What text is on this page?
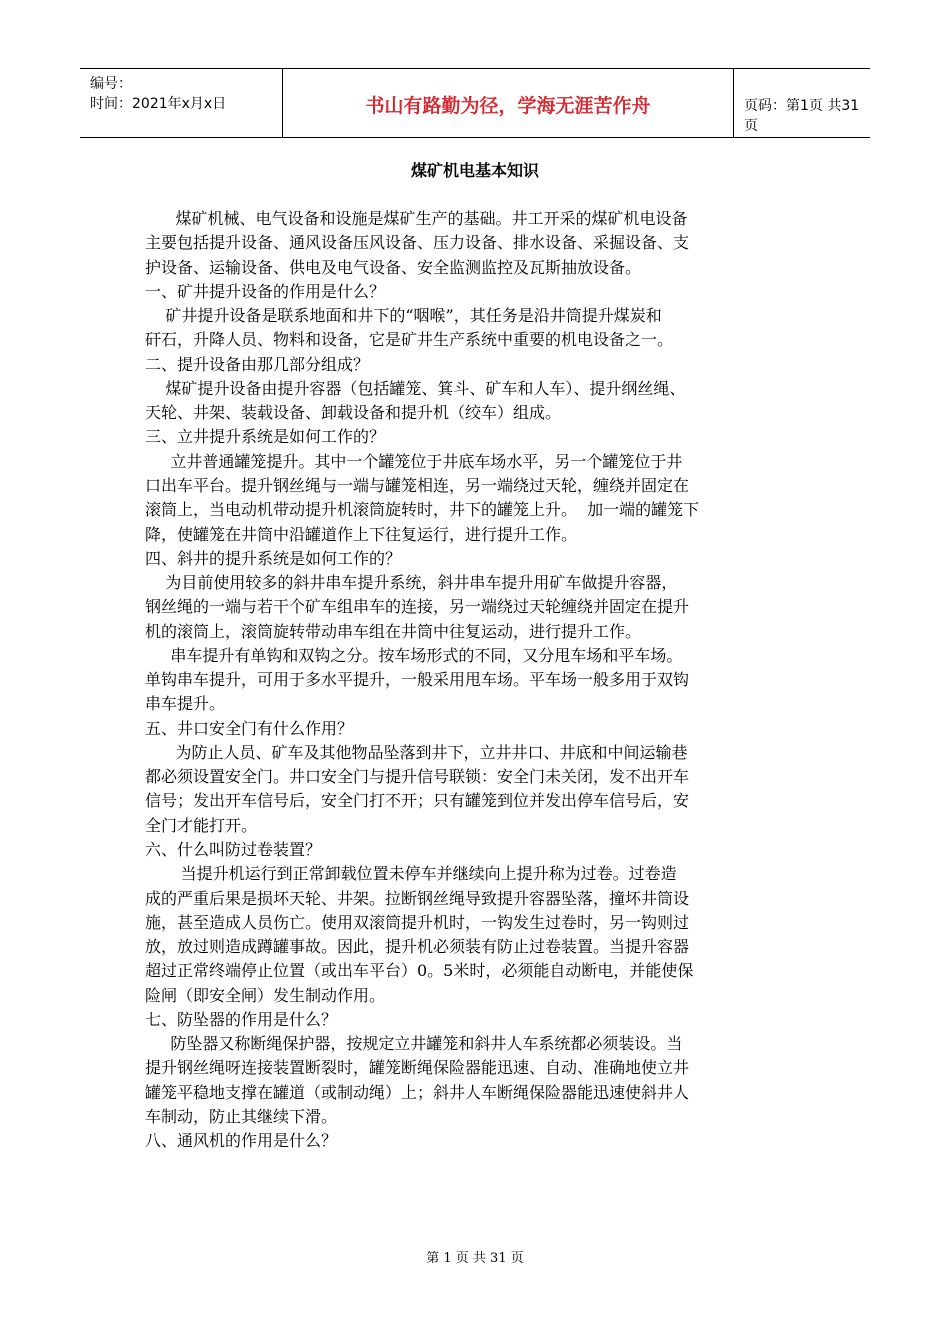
编号：
时间：2021年x月x日	书山有路勤为径，学海无涯苦作舟	页码：第1页 共31页
煤矿机电基本知识
煤矿机械、电气设备和设施是煤矿生产的基础。井工开采的煤矿机电设备
主要包括提升设备、通风设备压风设备、压力设备、排水设备、采掘设备、支
护设备、运输设备、供电及电气设备、安全监测监控及瓦斯抽放设备。
一、矿井提升设备的作用是什么？
矿井提升设备是联系地面和井下的“咽喉”，其任务是沿井筒提升煤炭和
矸石，升降人员、物料和设备，它是矿井生产系统中重要的机电设备之一。
二、提升设备由那几部分组成？
煤矿提升设备由提升容器（包括罐笼、箕斗、矿车和人车）、提升纲丝绳、
天轮、井架、装载设备、卸载设备和提升机（绞车）组成。
三、立井提升系统是如何工作的？
立井普通罐笼提升。其中一个罐笼位于井底车场水平，另一个罐笼位于井
口出车平台。提升钢丝绳与一端与罐笼相连，另一端绕过天轮，缠绕并固定在
滚筒上，当电动机带动提升机滚筒旋转时，井下的罐笼上升。  加一端的罐笼下
降，使罐笼在井筒中沿罐道作上下往复运行，进行提升工作。
四、斜井的提升系统是如何工作的？
为目前使用较多的斜井串车提升系统，斜井串车提升用矿车做提升容器，
钢丝绳的一端与若干个矿车组串车的连接，另一端绕过天轮缠绕并固定在提升
机的滚筒上，滚筒旋转带动串车组在井筒中往复运动，进行提升工作。
串车提升有单钩和双钩之分。按车场形式的不同，又分甩车场和平车场。
单钩串车提升，可用于多水平提升，一般采用甩车场。平车场一般多用于双钩
串车提升。
五、井口安全门有什么作用？
为防止人员、矿车及其他物品坠落到井下，立井井口、井底和中间运输巷
都必须设置安全门。井口安全门与提升信号联锁：安全门未关闭，发不出开车
信号；发出开车信号后，安全门打不开；只有罐笼到位并发出停车信号后，安
全门才能打开。
六、什么叫防过卷装置？
当提升机运行到正常卸载位置未停车并继续向上提升称为过卷。过卷造
成的严重后果是损坏天轮、井架。拉断钢丝绳导致提升容器坠落，撞坏井筒设
施，甚至造成人员伤亡。使用双滚筒提升机时，一钩发生过卷时，另一钩则过
放，放过则造成蹲罐事故。因此，提升机必须装有防止过卷装置。当提升容器
超过正常终端停止位置（或出车平台）0。5米时，必须能自动断电，并能使保
险闸（即安全闸）发生制动作用。
七、防坠器的作用是什么？
防坠器又称断绳保护器，按规定立井罐笼和斜井人车系统都必须装设。当
提升钢丝绳呀连接装置断裂时，罐笼断绳保险器能迅速、自动、准确地使立井
罐笼平稳地支撑在罐道（或制动绳）上；斜井人车断绳保险器能迅速使斜井人
车制动，防止其继续下滑。
八、通风机的作用是什么？
第 1 页 共 31 页
